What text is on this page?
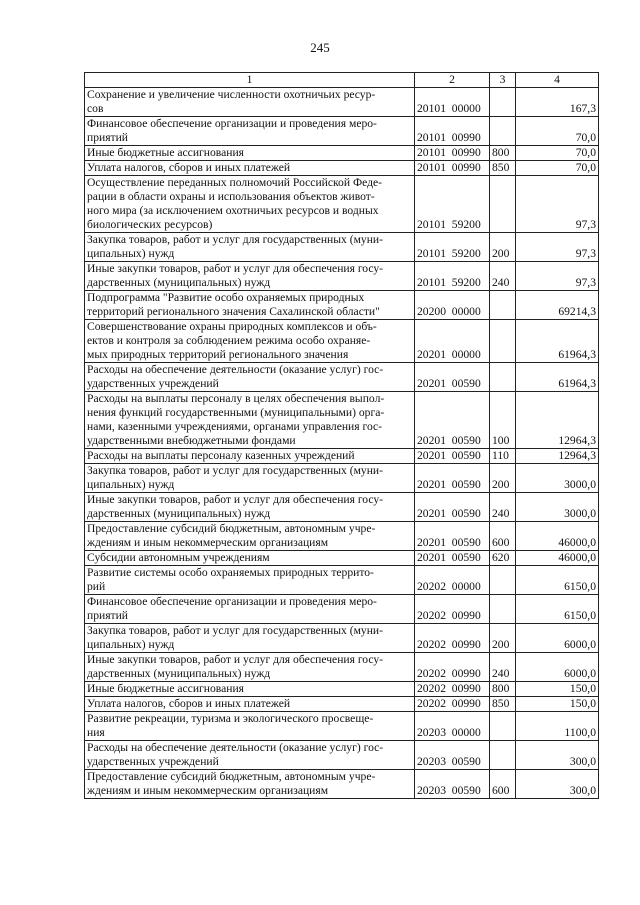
245
1	2	3	4
Сохранение и увеличение численности охотничьих ресур-
сов	20101  00000		167,3
Финансовое обеспечение организации и проведения меро-
приятий	20101  00990		70,0
Иные бюджетные ассигнования	20101  00990	800	70,0
Уплата налогов, сборов и иных платежей	20101  00990	850	70,0
Осуществление переданных полномочий Российской Феде-
рации в области охраны и использования объектов живот-
ного мира (за исключением охотничьих ресурсов и водных
биологических ресурсов)	20101  59200		97,3
Закупка товаров, работ и услуг для государственных (муни-
ципальных) нужд	20101  59200	200	97,3
Иные закупки товаров, работ и услуг для обеспечения госу-
дарственных (муниципальных) нужд	20101  59200	240	97,3
Подпрограмма "Развитие особо охраняемых природных
территорий регионального значения Сахалинской области"	20200  00000		69214,3
Совершенствование охраны природных комплексов и объ-
ектов и контроля за соблюдением режима особо охраняе-
мых природных территорий регионального значения	20201  00000		61964,3
Расходы на обеспечение деятельности (оказание услуг) гос-
ударственных учреждений	20201  00590		61964,3
Расходы на выплаты персоналу в целях обеспечения выпол-
нения функций государственными (муниципальными) орга-
нами, казенными учреждениями, органами управления гос-
ударственными внебюджетными фондами	20201  00590	100	12964,3
Расходы на выплаты персоналу казенных учреждений	20201  00590	110	12964,3
Закупка товаров, работ и услуг для государственных (муни-
ципальных) нужд	20201  00590	200	3000,0
Иные закупки товаров, работ и услуг для обеспечения госу-
дарственных (муниципальных) нужд	20201  00590	240	3000,0
Предоставление субсидий бюджетным, автономным учре-
ждениям и иным некоммерческим организациям	20201  00590	600	46000,0
Субсидии автономным учреждениям	20201  00590	620	46000,0
Развитие системы особо охраняемых природных террито-
рий	20202  00000		6150,0
Финансовое обеспечение организации и проведения меро-
приятий	20202  00990		6150,0
Закупка товаров, работ и услуг для государственных (муни-
ципальных) нужд	20202  00990	200	6000,0
Иные закупки товаров, работ и услуг для обеспечения госу-
дарственных (муниципальных) нужд	20202  00990	240	6000,0
Иные бюджетные ассигнования	20202  00990	800	150,0
Уплата налогов, сборов и иных платежей	20202  00990	850	150,0
Развитие рекреации, туризма и экологического просвеще-
ния	20203  00000		1100,0
Расходы на обеспечение деятельности (оказание услуг) гос-
ударственных учреждений	20203  00590		300,0
Предоставление субсидий бюджетным, автономным учре-
ждениям и иным некоммерческим организациям	20203  00590	600	300,0
